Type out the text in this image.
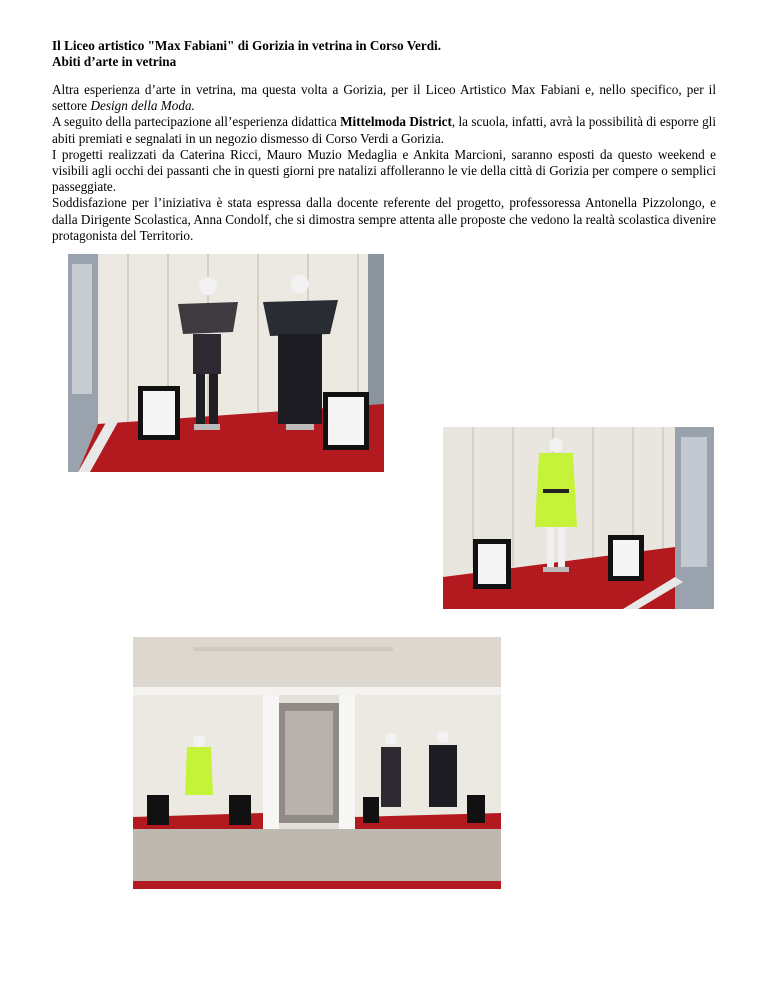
Il Liceo artistico "Max Fabiani" di Gorizia in vetrina in Corso Verdi.
Abiti d’arte in vetrina

Altra esperienza d’arte in vetrina, ma questa volta a Gorizia, per il Liceo Artistico Max Fabiani e, nello specifico, per il settore Design della Moda.

A seguito della partecipazione all’esperienza didattica Mittelmoda District, la scuola, infatti, avrà la possibilità di esporre gli abiti premiati e segnalati in un negozio dismesso di Corso Verdi a Gorizia.

I progetti realizzati da Caterina Ricci, Mauro Muzio Medaglia e Ankita Marcioni, saranno esposti da questo weekend e visibili agli occhi dei passanti che in questi giorni pre natalizi affolleranno le vie della città di Gorizia per compere o semplici passeggiate.

Soddisfazione per l’iniziativa è stata espressa dalla docente referente del progetto, professoressa Antonella Pizzolongo, e dalla Dirigente Scolastica, Anna Condolf, che si dimostra sempre attenta alle proposte che vedono la realtà scolastica divenire protagonista del Territorio.
